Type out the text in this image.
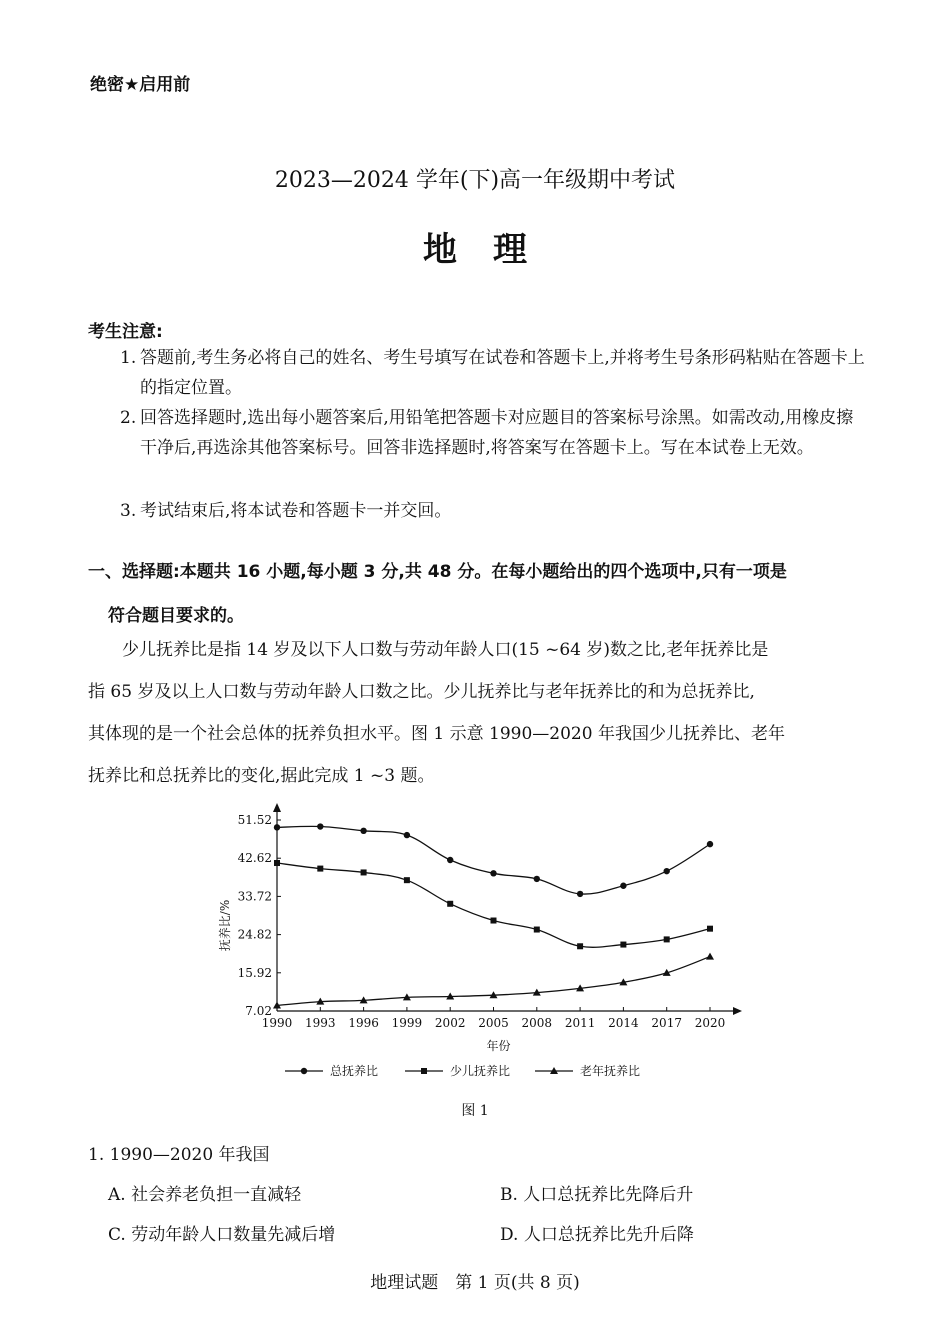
绝密★启用前
2023—2024 学年(下)高一年级期中考试
地理
考生注意:
1. 答题前,考生务必将自己的姓名、考生号填写在试卷和答题卡上,并将考生号条形码粘贴在答题卡上的指定位置。
2. 回答选择题时,选出每小题答案后,用铅笔把答题卡对应题目的答案标号涂黑。如需改动,用橡皮擦干净后,再选涂其他答案标号。回答非选择题时,将答案写在答题卡上。写在本试卷上无效。
3. 考试结束后,将本试卷和答题卡一并交回。
一、选择题:本题共 16 小题,每小题 3 分,共 48 分。在每小题给出的四个选项中,只有一项是
符合题目要求的。
少儿抚养比是指 14 岁及以下人口数与劳动年龄人口(15 ~64 岁)数之比,老年抚养比是
指 65 岁及以上人口数与劳动年龄人口数之比。少儿抚养比与老年抚养比的和为总抚养比,
其体现的是一个社会总体的抚养负担水平。图 1 示意 1990—2020 年我国少儿抚养比、老年
抚养比和总抚养比的变化,据此完成 1 ~3 题。
7.02
15.92
24.82
33.72
42.62
51.52
1990 1993 1996 1999 2002 2005 2008 2011 2014 2017 2020
年份
抚养比/%
总抚养比	少儿抚养比	老年抚养比
图 1
1. 1990—2020 年我国
A. 社会养老负担一直减轻	B. 人口总抚养比先降后升
C. 劳动年龄人口数量先减后增	D. 人口总抚养比先升后降
地理试题　第 1 页(共 8 页)
